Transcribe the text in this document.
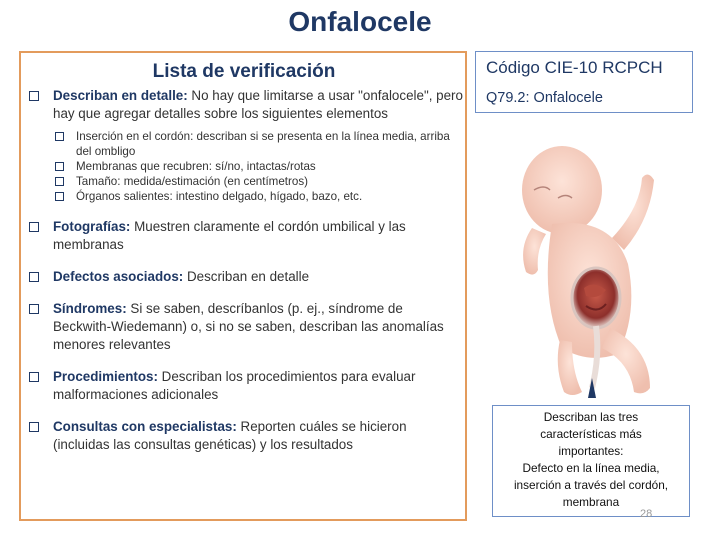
Onfalocele
Lista de verificación
Describan en detalle: No hay que limitarse a usar "onfalocele", pero hay que agregar detalles sobre los siguientes elementos
Inserción en el cordón: describan si se presenta en la línea media, arriba del ombligo
Membranas que recubren: sí/no, intactas/rotas
Tamaño: medida/estimación (en centímetros)
Órganos salientes: intestino delgado, hígado, bazo, etc.
Fotografías: Muestren claramente el cordón umbilical y las membranas
Defectos asociados: Describan en detalle
Síndromes: Si se saben, descríbanlos (p. ej., síndrome de Beckwith-Wiedemann) o, si no se saben, describan las anomalías menores relevantes
Procedimientos: Describan los procedimientos para evaluar malformaciones adicionales
Consultas con especialistas: Reporten cuáles se hicieron (incluidas las consultas genéticas) y los resultados
Código CIE-10 RCPCH
Q79.2: Onfalocele
Describan las tres
características más
importantes:
Defecto en la línea media,
inserción a través del cordón,
membrana
28
